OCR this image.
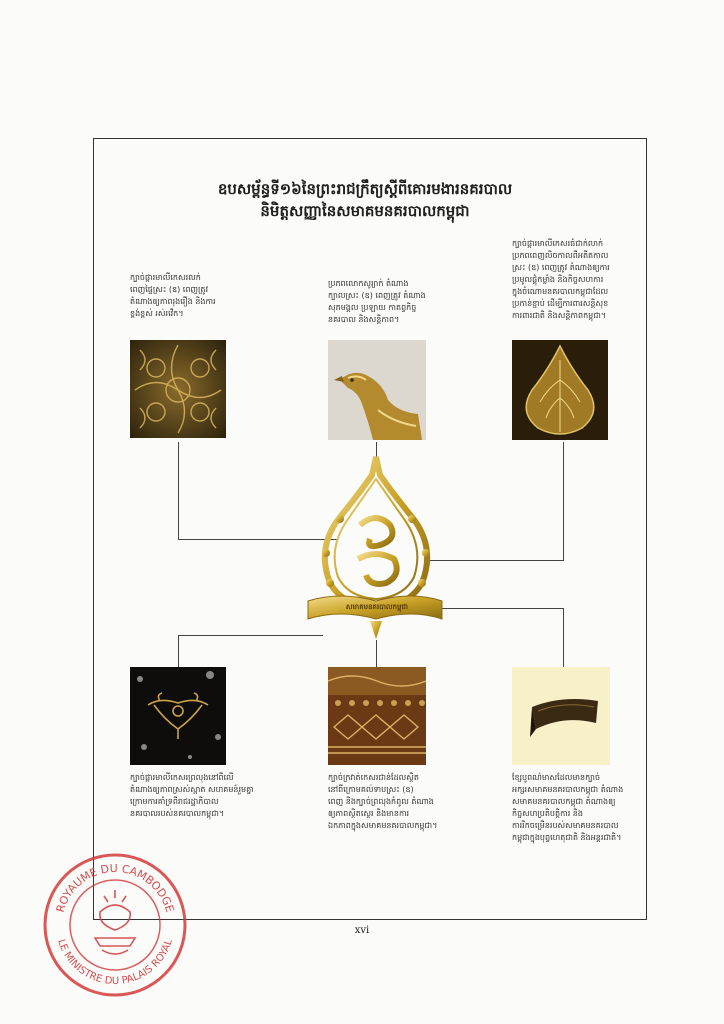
ឧបសម្ព័ន្ធទី១៦នៃព្រះរាជក្រឹត្យស្ដីពីគោរមងារនគរបាល
និមិត្តសញ្ញានៃសមាគមនគរបាលកម្ពុជា
ក្បាច់ផ្ការមាលីកេសរលក់
ពេញផ្ទៃស្រះ (ឧ) ពេញត្រូវ
តំណាងឲ្យភាពរុងរឿង និងការ
ខ្ពង់ខ្ពស់ រស់រវើក។
ប្រភពលោកសូរ្យាក់ តំណាង
ក្បាលស្រះ (ឧ) ពេញត្រូវ តំណាង
សុភមង្គល ប្រឡាយ កាតព្វកិច្ច
នគរបាល និងសន្តិភាព។
ក្បាច់ផ្ការមាលីកេសរធំជាក់លាក់
ប្រភពពេញលិចកាលពីអតីតកាល
ស្រះ (ឧ) ពេញត្រូវ តំណាងឲ្យការ
ប្រមូលផ្តុំកម្លាំង និងកិច្ចសហការ
ក្នុងចំណោមនគរបាលកម្ពុជាដែល
ប្រកាន់ខ្ជាប់ ដើម្បីការពារសន្តិសុខ
ការពារជាតិ និងសន្តិភាពកម្ពុជា។
សមាគមនគរបាលកម្ពុជា
ក្បាច់ផ្ការមាលីកេសរព្រលុងនៅពីលើ
តំណាងឲ្យភាពស្រស់ស្អាត សហគមន៍រួមគ្នា
ក្រោមការគាំទ្រពីរាជរដ្ឋាភិបាល
នគរបាលរបស់នគរបាលកម្ពុជា។
ក្បាច់ក្រវាត់កេសរជាន់ដែលស្ថិត
នៅពីក្រោមគល់ទាបស្រះ (ឧ)
ពេញ និងក្បាច់ព្រលុងកំពូល តំណាង
ឲ្យភាពស្ថិតស្ថេរ និងមានការ
ឯកភាពក្នុងសមាគមនគរបាលកម្ពុជា។
ខ្សែបូពណ៌មាសដែលមានក្បាច់
អក្សរសមាគមនគរបាលកម្ពុជា តំណាង
សមាគមនគរបាលកម្ពុជា តំណាងឲ្យ
កិច្ចសហប្រតិបត្តិការ និង
ការរីកចម្រើនរបស់សមាគមនគរបាល
កម្ពុជាក្នុងបុព្វហេតុជាតិ និងអន្តរជាតិ។
xvi
ROYAUME DU CAMBODGE
LE MINISTRE DU PALAIS ROYAL
